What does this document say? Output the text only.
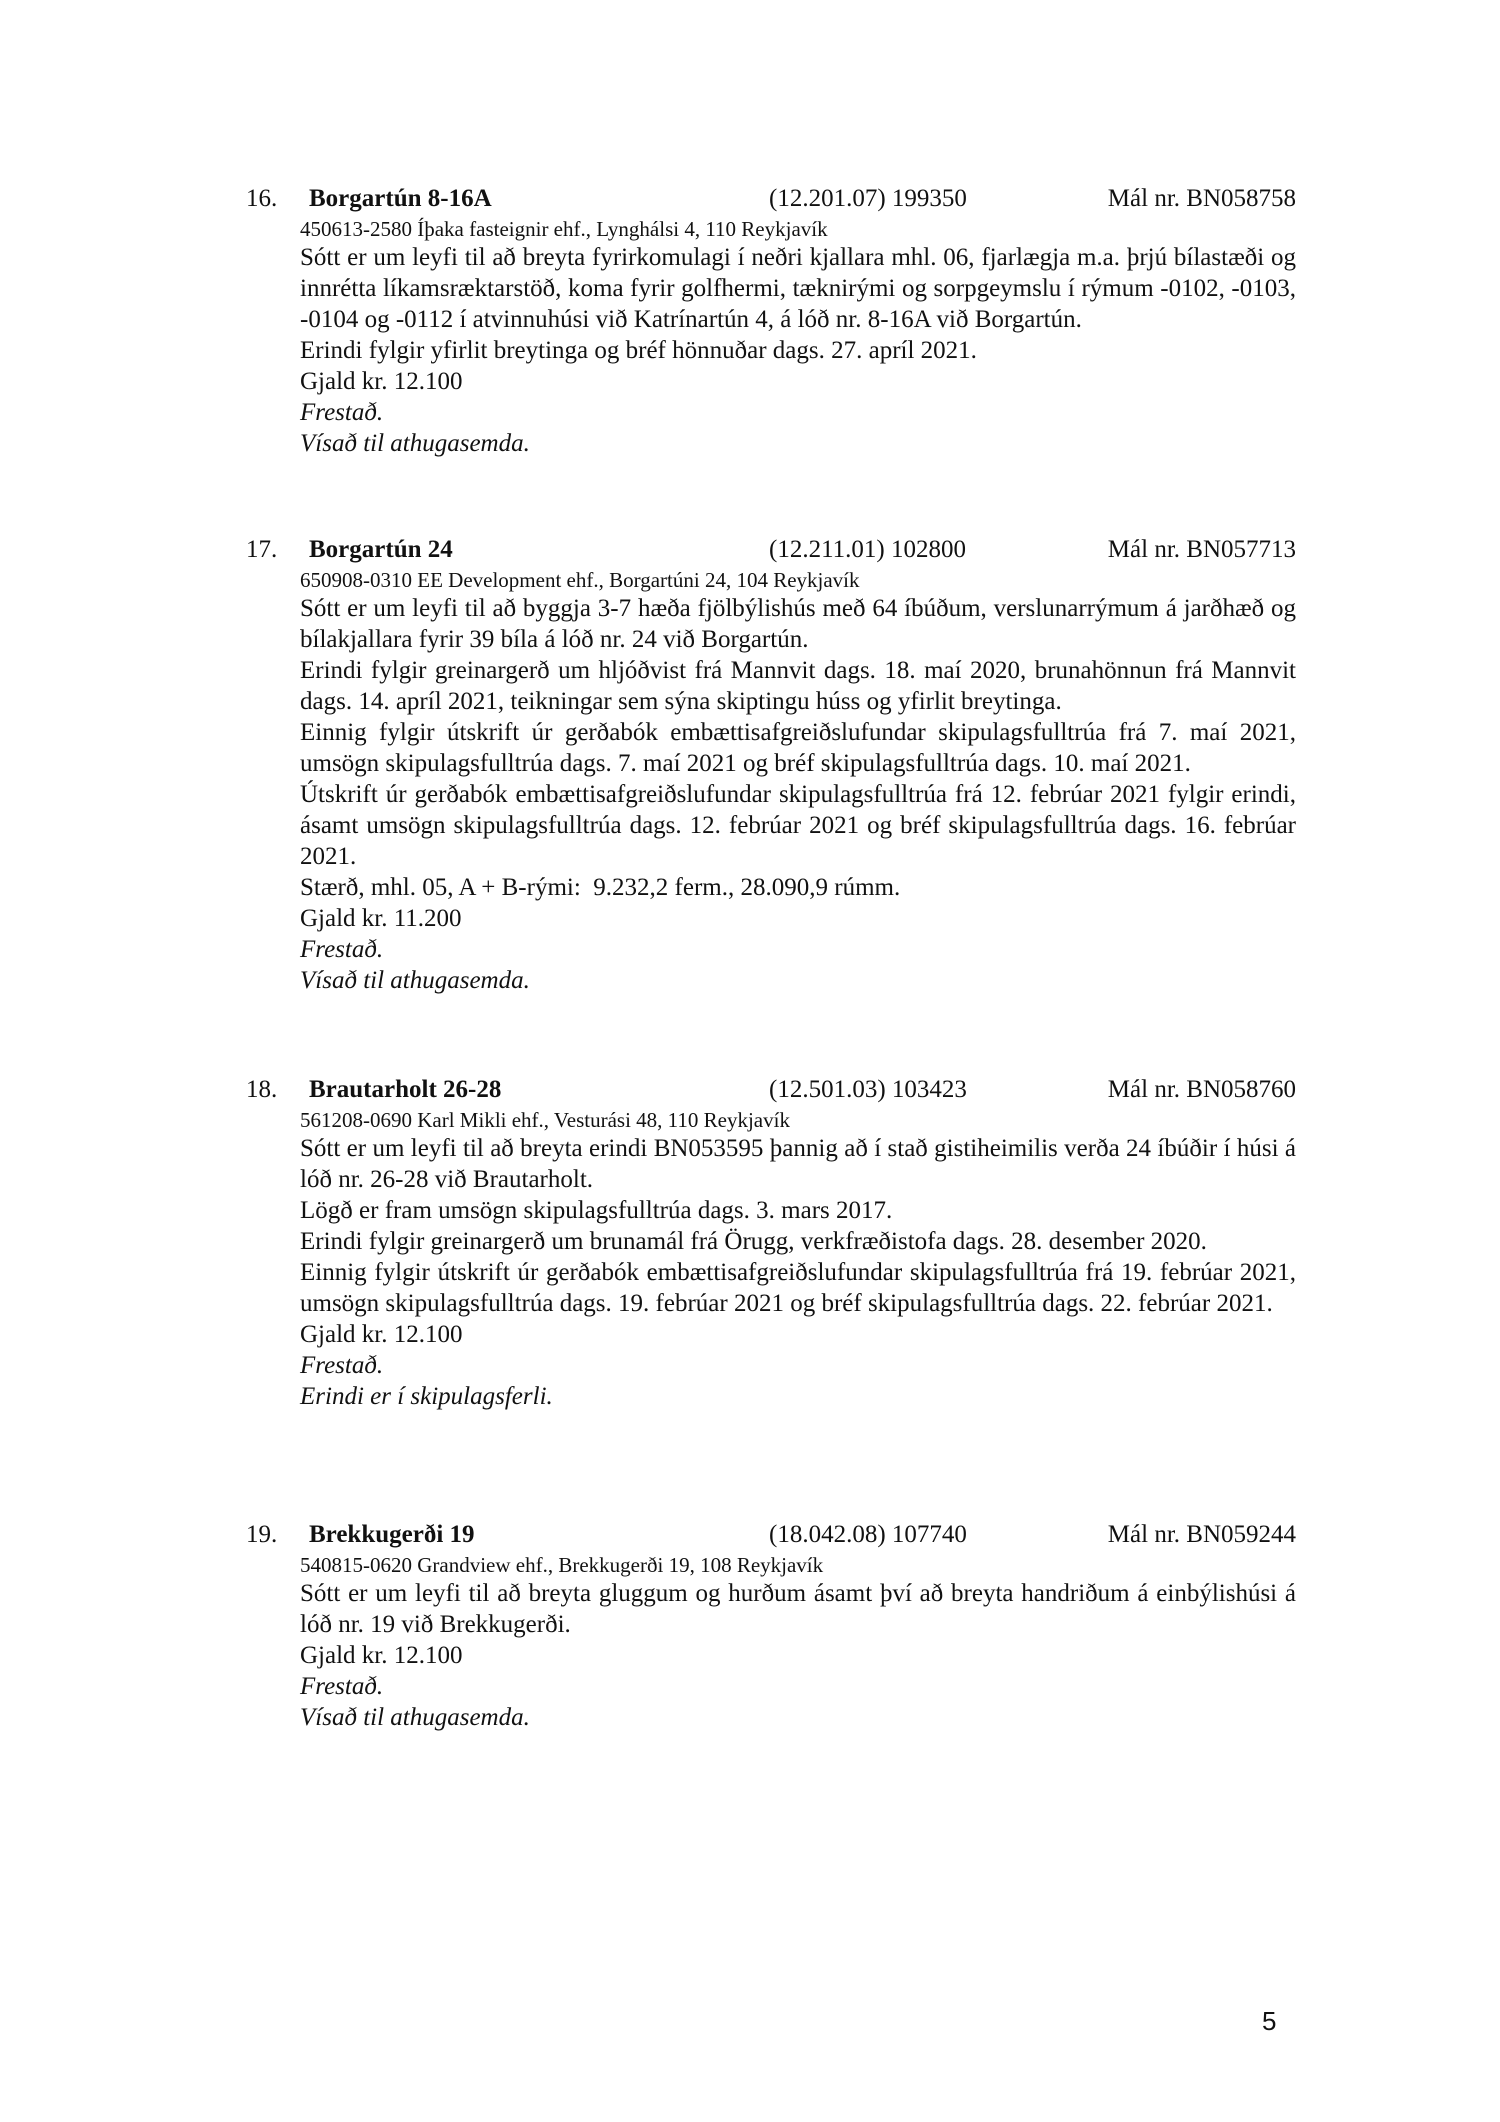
16. Borgartún 8-16A	(12.201.07) 199350	Mál nr. BN058758

450613-2580 Íþaka fasteignir ehf., Lynghálsi 4, 110 Reykjavík

Sótt er um leyfi til að breyta fyrirkomulagi í neðri kjallara mhl. 06, fjarlægja m.a. þrjú bílastæði og innrétta líkamsræktarstöð, koma fyrir golfhermi, tæknirými og sorpgeymslu í rýmum -0102, -0103, -0104 og -0112 í atvinnuhúsi við Katrínartún 4, á lóð nr. 8-16A við Borgartún.

Erindi fylgir yfirlit breytinga og bréf hönnuðar dags. 27. apríl 2021.

Gjald kr. 12.100

Frestað.

Vísað til athugasemda.

17. Borgartún 24	(12.211.01) 102800	Mál nr. BN057713

650908-0310 EE Development ehf., Borgartúni 24, 104 Reykjavík

Sótt er um leyfi til að byggja 3-7 hæða fjölbýlishús með 64 íbúðum, verslunarrýmum á jarðhæð og bílakjallara fyrir 39 bíla á lóð nr. 24 við Borgartún.

Erindi fylgir greinargerð um hljóðvist frá Mannvit dags. 18. maí 2020, brunahönnun frá Mannvit dags. 14. apríl 2021, teikningar sem sýna skiptingu húss og yfirlit breytinga.

Einnig fylgir útskrift úr gerðabók embættisafgreiðslufundar skipulagsfulltrúa frá 7. maí 2021, umsögn skipulagsfulltrúa dags. 7. maí 2021 og bréf skipulagsfulltrúa dags. 10. maí 2021.

Útskrift úr gerðabók embættisafgreiðslufundar skipulagsfulltrúa frá 12. febrúar 2021 fylgir erindi, ásamt umsögn skipulagsfulltrúa dags. 12. febrúar 2021 og bréf skipulagsfulltrúa dags. 16. febrúar 2021.

Stærð, mhl. 05, A + B-rými:  9.232,2 ferm., 28.090,9 rúmm.

Gjald kr. 11.200

Frestað.

Vísað til athugasemda.

18. Brautarholt 26-28	(12.501.03) 103423	Mál nr. BN058760

561208-0690 Karl Mikli ehf., Vesturási 48, 110 Reykjavík

Sótt er um leyfi til að breyta erindi BN053595 þannig að í stað gistiheimilis verða 24 íbúðir í húsi á lóð nr. 26-28 við Brautarholt.

Lögð er fram umsögn skipulagsfulltrúa dags. 3. mars 2017.

Erindi fylgir greinargerð um brunamál frá Örugg, verkfræðistofa dags. 28. desember 2020.

Einnig fylgir útskrift úr gerðabók embættisafgreiðslufundar skipulagsfulltrúa frá 19. febrúar 2021, umsögn skipulagsfulltrúa dags. 19. febrúar 2021 og bréf skipulagsfulltrúa dags. 22. febrúar 2021.

Gjald kr. 12.100

Frestað.

Erindi er í skipulagsferli.

19. Brekkugerði 19	(18.042.08) 107740	Mál nr. BN059244

540815-0620 Grandview ehf., Brekkugerði 19, 108 Reykjavík

Sótt er um leyfi til að breyta gluggum og hurðum ásamt því að breyta handriðum á einbýlishúsi á lóð nr. 19 við Brekkugerði.

Gjald kr. 12.100

Frestað.

Vísað til athugasemda.

5
